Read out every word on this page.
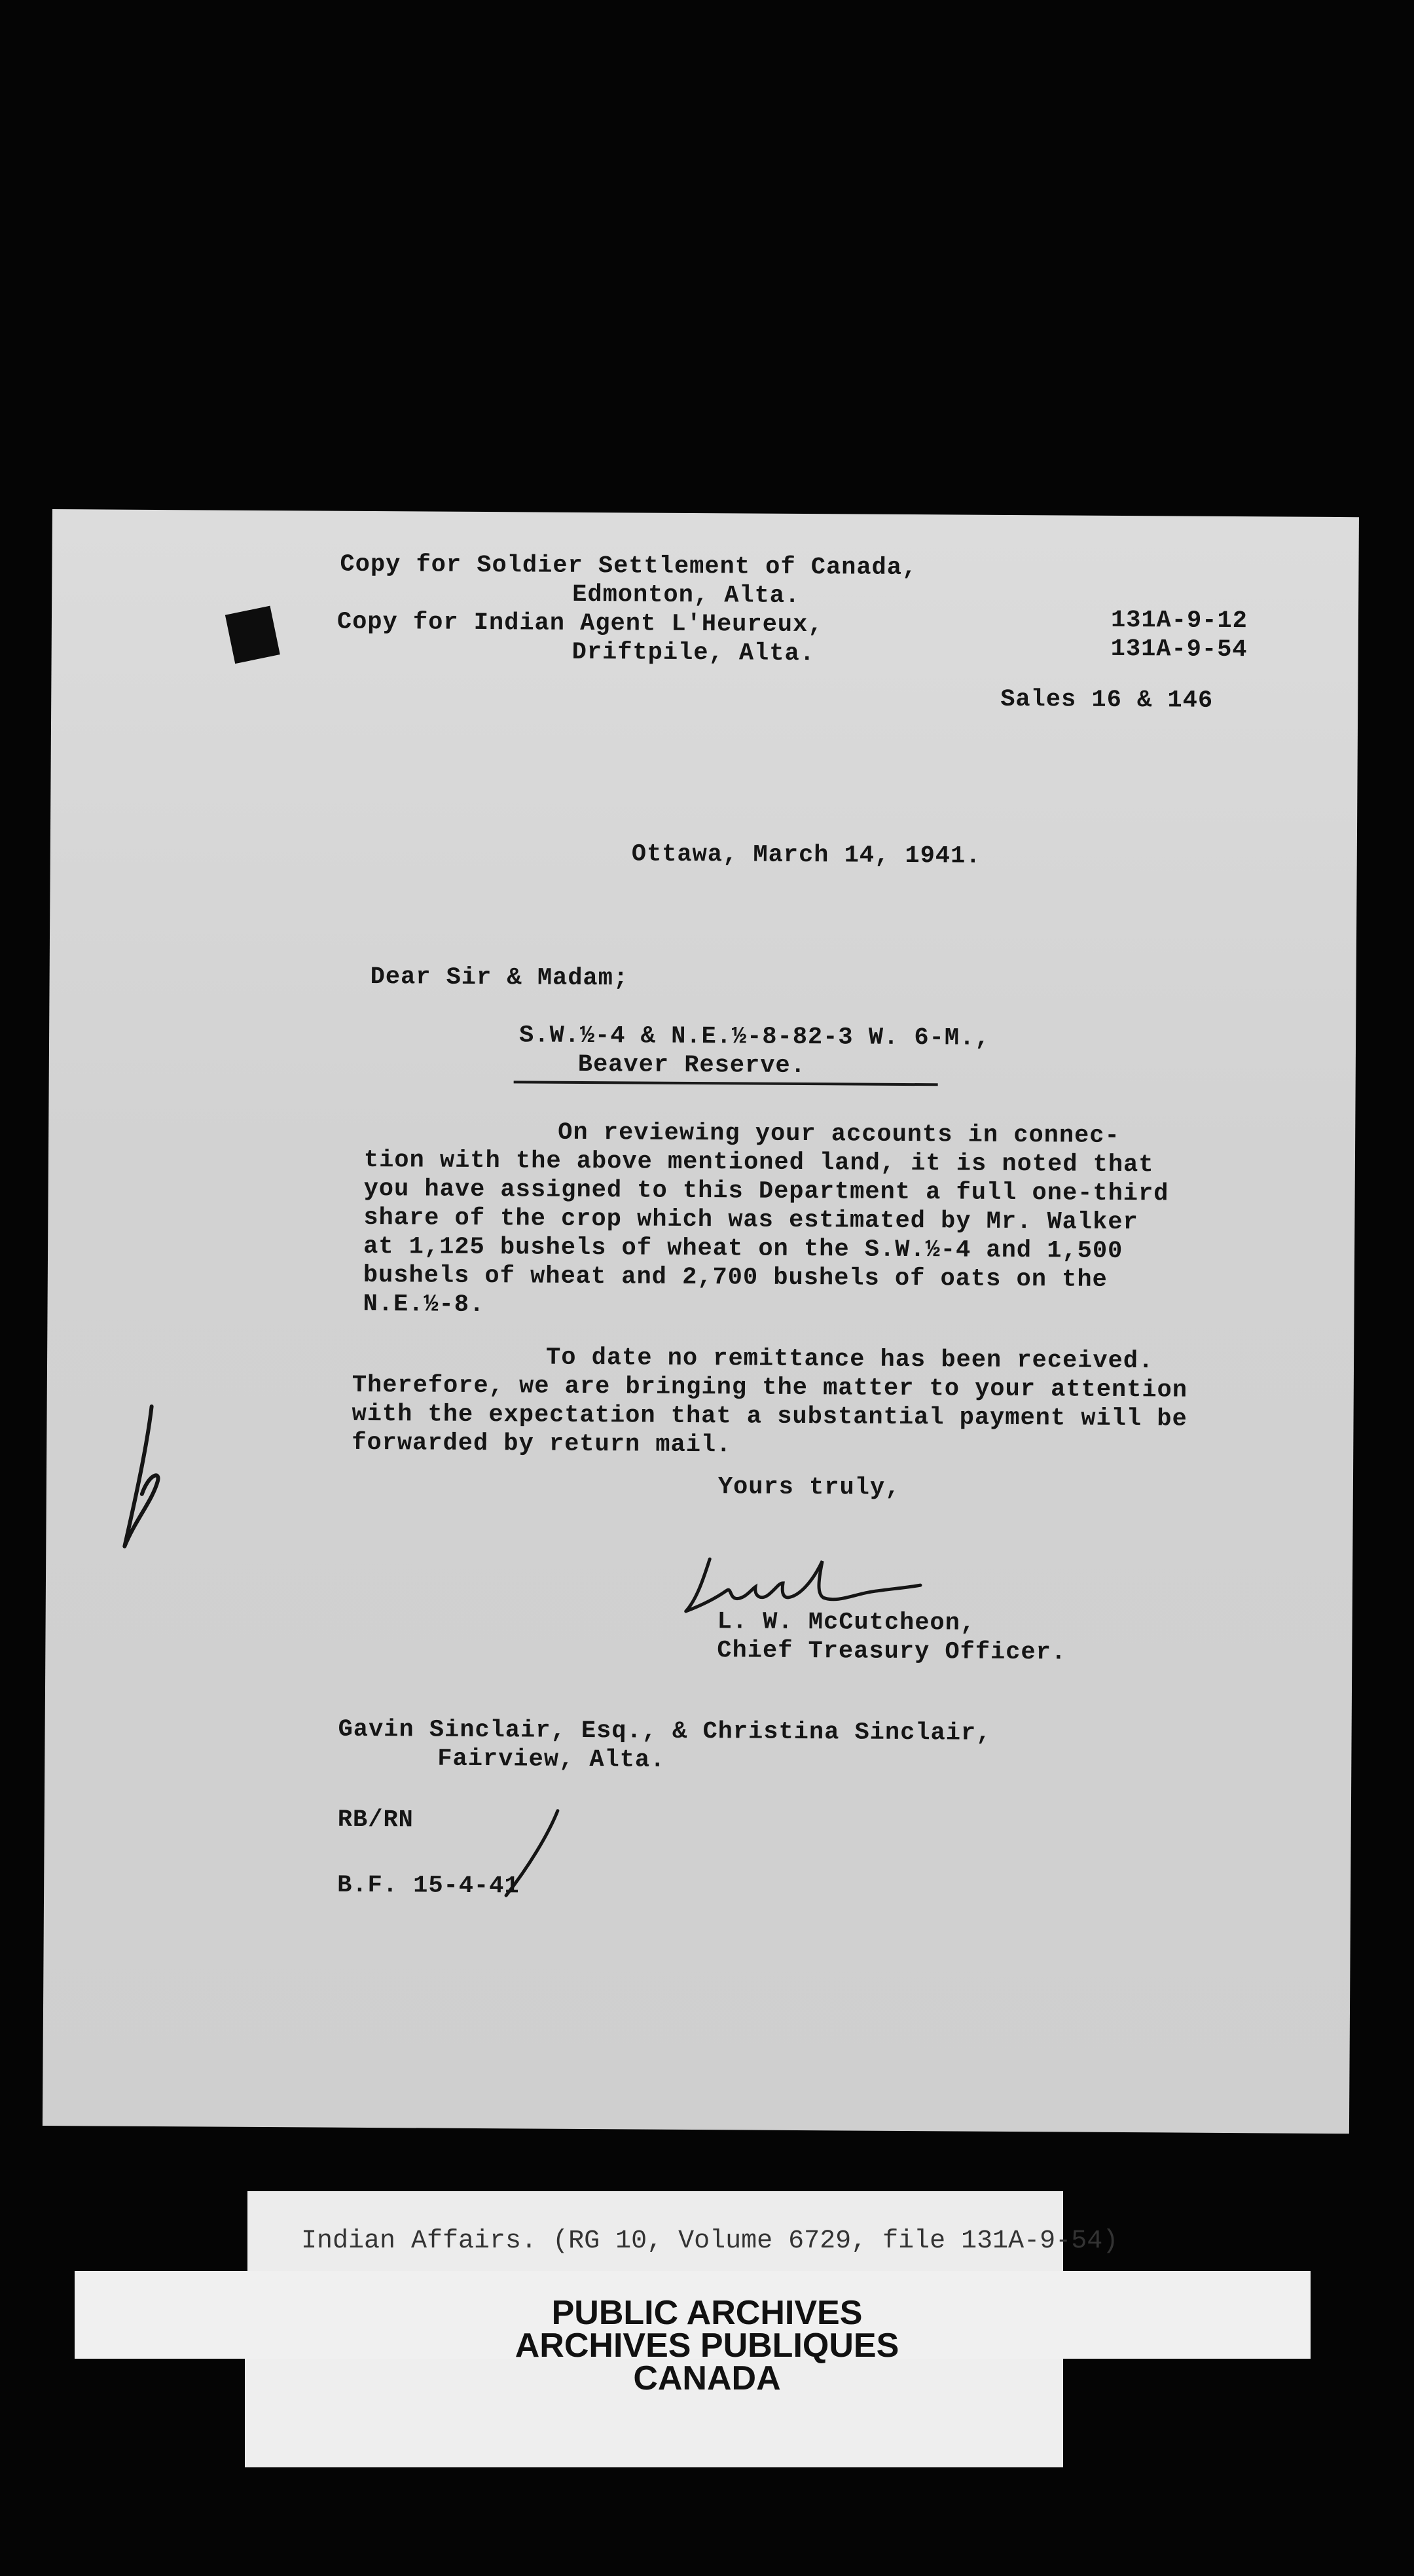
Copy for Soldier Settlement of Canada,
Edmonton, Alta.
Copy for Indian Agent L'Heureux,
Driftpile, Alta.
131A-9-12
131A-9-54
Sales 16 & 146
Ottawa, March 14, 1941.
Dear Sir & Madam;
S.W.½-4 & N.E.½-8-82-3 W. 6-M.,
Beaver Reserve.
On reviewing your accounts in connec-
tion with the above mentioned land, it is noted that
you have assigned to this Department a full one-third
share of the crop which was estimated by Mr. Walker
at 1,125 bushels of wheat on the S.W.½-4 and 1,500
bushels of wheat and 2,700 bushels of oats on the
N.E.½-8.
To date no remittance has been received.
Therefore, we are bringing the matter to your attention
with the expectation that a substantial payment will be
forwarded by return mail.
Yours truly,
L. W. McCutcheon,
Chief Treasury Officer.
Gavin Sinclair, Esq., & Christina Sinclair,
Fairview, Alta.
RB/RN
B.F. 15-4-41
Indian Affairs. (RG 10, Volume 6729, file 131A-9-54)
PUBLIC ARCHIVES
ARCHIVES PUBLIQUES
CANADA
